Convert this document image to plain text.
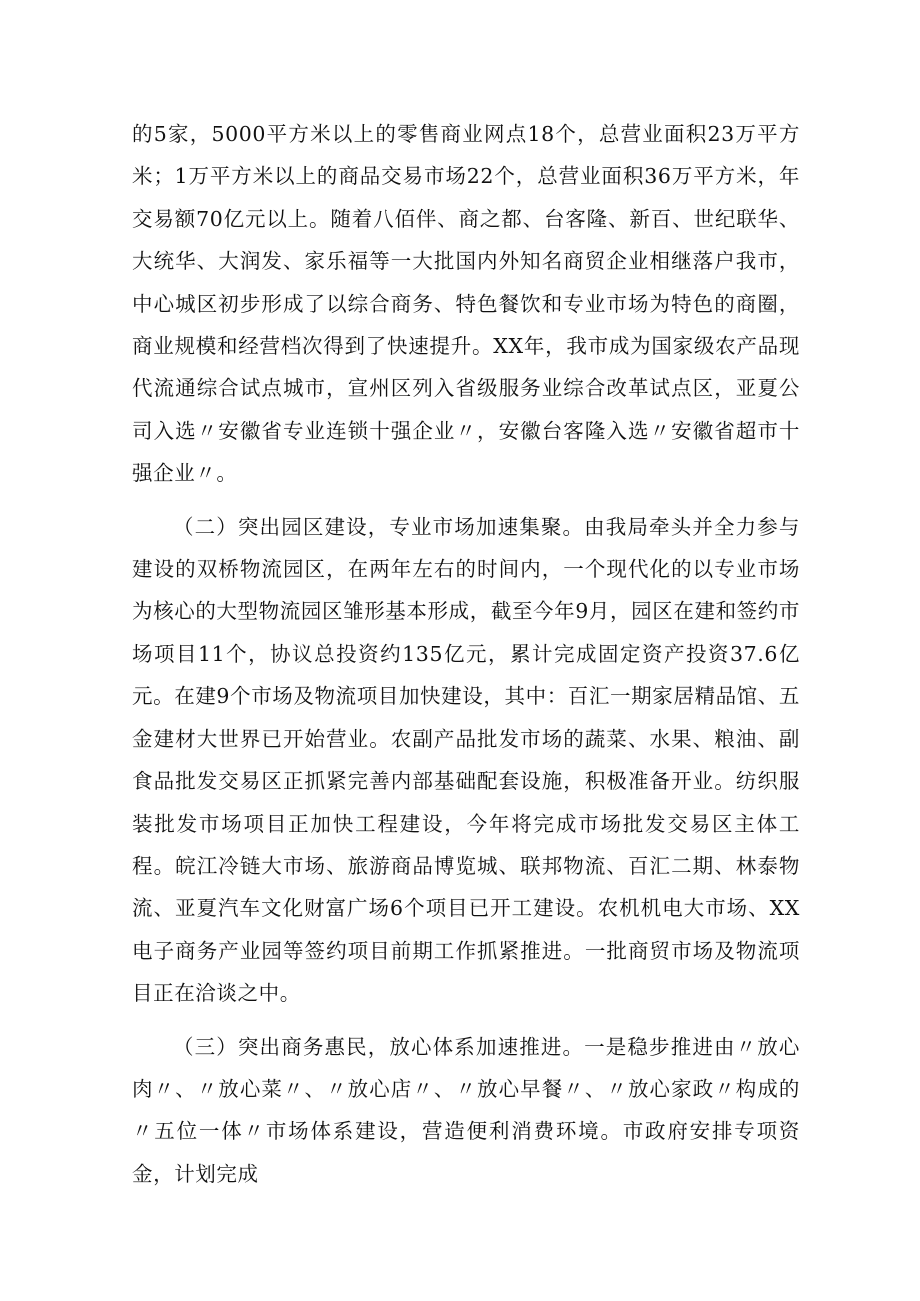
的5家，5000平方米以上的零售商业网点18个，总营业面积23万平方米；1万平方米以上的商品交易市场22个，总营业面积36万平方米，年交易额70亿元以上。随着八佰伴、商之都、台客隆、新百、世纪联华、大统华、大润发、家乐福等一大批国内外知名商贸企业相继落户我市，中心城区初步形成了以综合商务、特色餐饮和专业市场为特色的商圈，商业规模和经营档次得到了快速提升。XX年，我市成为国家级农产品现代流通综合试点城市，宣州区列入省级服务业综合改革试点区，亚夏公司入选〃安徽省专业连锁十强企业〃，安徽台客隆入选〃安徽省超市十强企业〃。

（二）突出园区建设，专业市场加速集聚。由我局牵头并全力参与建设的双桥物流园区，在两年左右的时间内，一个现代化的以专业市场为核心的大型物流园区雏形基本形成，截至今年9月，园区在建和签约市场项目11个，协议总投资约135亿元，累计完成固定资产投资37.6亿元。在建9个市场及物流项目加快建设，其中：百汇一期家居精品馆、五金建材大世界已开始营业。农副产品批发市场的蔬菜、水果、粮油、副食品批发交易区正抓紧完善内部基础配套设施，积极准备开业。纺织服装批发市场项目正加快工程建设，今年将完成市场批发交易区主体工程。皖江冷链大市场、旅游商品博览城、联邦物流、百汇二期、林泰物流、亚夏汽车文化财富广场6个项目已开工建设。农机机电大市场、XX电子商务产业园等签约项目前期工作抓紧推进。一批商贸市场及物流项目正在洽谈之中。

（三）突出商务惠民，放心体系加速推进。一是稳步推进由〃放心肉〃、〃放心菜〃、〃放心店〃、〃放心早餐〃、〃放心家政〃构成的〃五位一体〃市场体系建设，营造便利消费环境。市政府安排专项资金，计划完成
